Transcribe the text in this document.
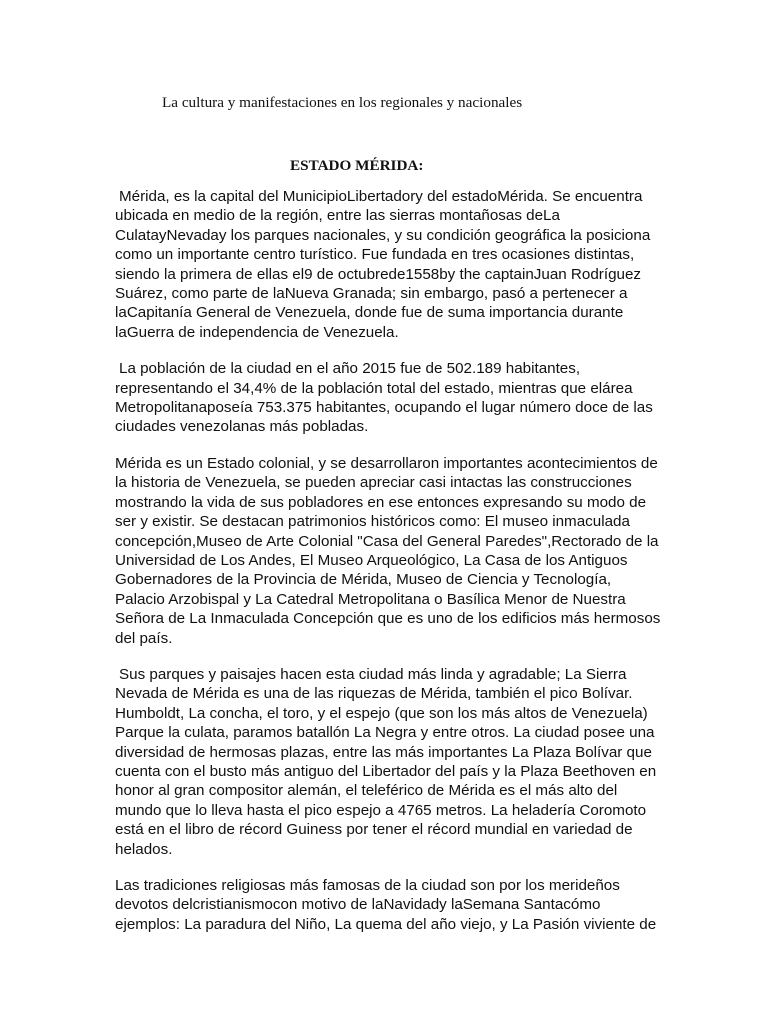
La cultura y manifestaciones en los regionales y nacionales
ESTADO MÉRIDA:

Mérida, es la capital del MunicipioLibertadory del estadoMérida. Se encuentra ubicada en medio de la región, entre las sierras montañosas deLa CulatayNevaday los parques nacionales, y su condición geográfica la posiciona como un importante centro turístico. Fue fundada en tres ocasiones distintas, siendo la primera de ellas el9 de octubrede1558by the captainJuan Rodríguez Suárez, como parte de laNueva Granada; sin embargo, pasó a pertenecer a laCapitanía General de Venezuela, donde fue de suma importancia durante laGuerra de independencia de Venezuela.

La población de la ciudad en el año 2015 fue de 502.189 habitantes, representando el 34,4% de la población total del estado, mientras que elárea Metropolitanaposeía 753.375 habitantes, ocupando el lugar número doce de las ciudades venezolanas más pobladas.

Mérida es un Estado colonial, y se desarrollaron importantes acontecimientos de la historia de Venezuela, se pueden apreciar casi intactas las construcciones mostrando la vida de sus pobladores en ese entonces expresando su modo de ser y existir. Se destacan patrimonios históricos como: El museo inmaculada concepción,Museo de Arte Colonial "Casa del General Paredes",Rectorado de la Universidad de Los Andes, El Museo Arqueológico, La Casa de los Antiguos Gobernadores de la Provincia de Mérida, Museo de Ciencia y Tecnología, Palacio Arzobispal y La Catedral Metropolitana o Basílica Menor de Nuestra Señora de La Inmaculada Concepción que es uno de los edificios más hermosos del país.

Sus parques y paisajes hacen esta ciudad más linda y agradable; La Sierra Nevada de Mérida es una de las riquezas de Mérida, también el pico Bolívar. Humboldt, La concha, el toro, y el espejo (que son los más altos de Venezuela) Parque la culata, paramos batallón La Negra y entre otros. La ciudad posee una diversidad de hermosas plazas, entre las más importantes La Plaza Bolívar que cuenta con el busto más antiguo del Libertador del país y la Plaza Beethoven en honor al gran compositor alemán, el teleférico de Mérida es el más alto del mundo que lo lleva hasta el pico espejo a 4765 metros. La heladería Coromoto está en el libro de récord Guiness por tener el récord mundial en variedad de helados.

Las tradiciones religiosas más famosas de la ciudad son por los merideños devotos delcristianismocon motivo de laNavidady laSemana Santacómo ejemplos: La paradura del Niño, La quema del año viejo, y La Pasión viviente de
